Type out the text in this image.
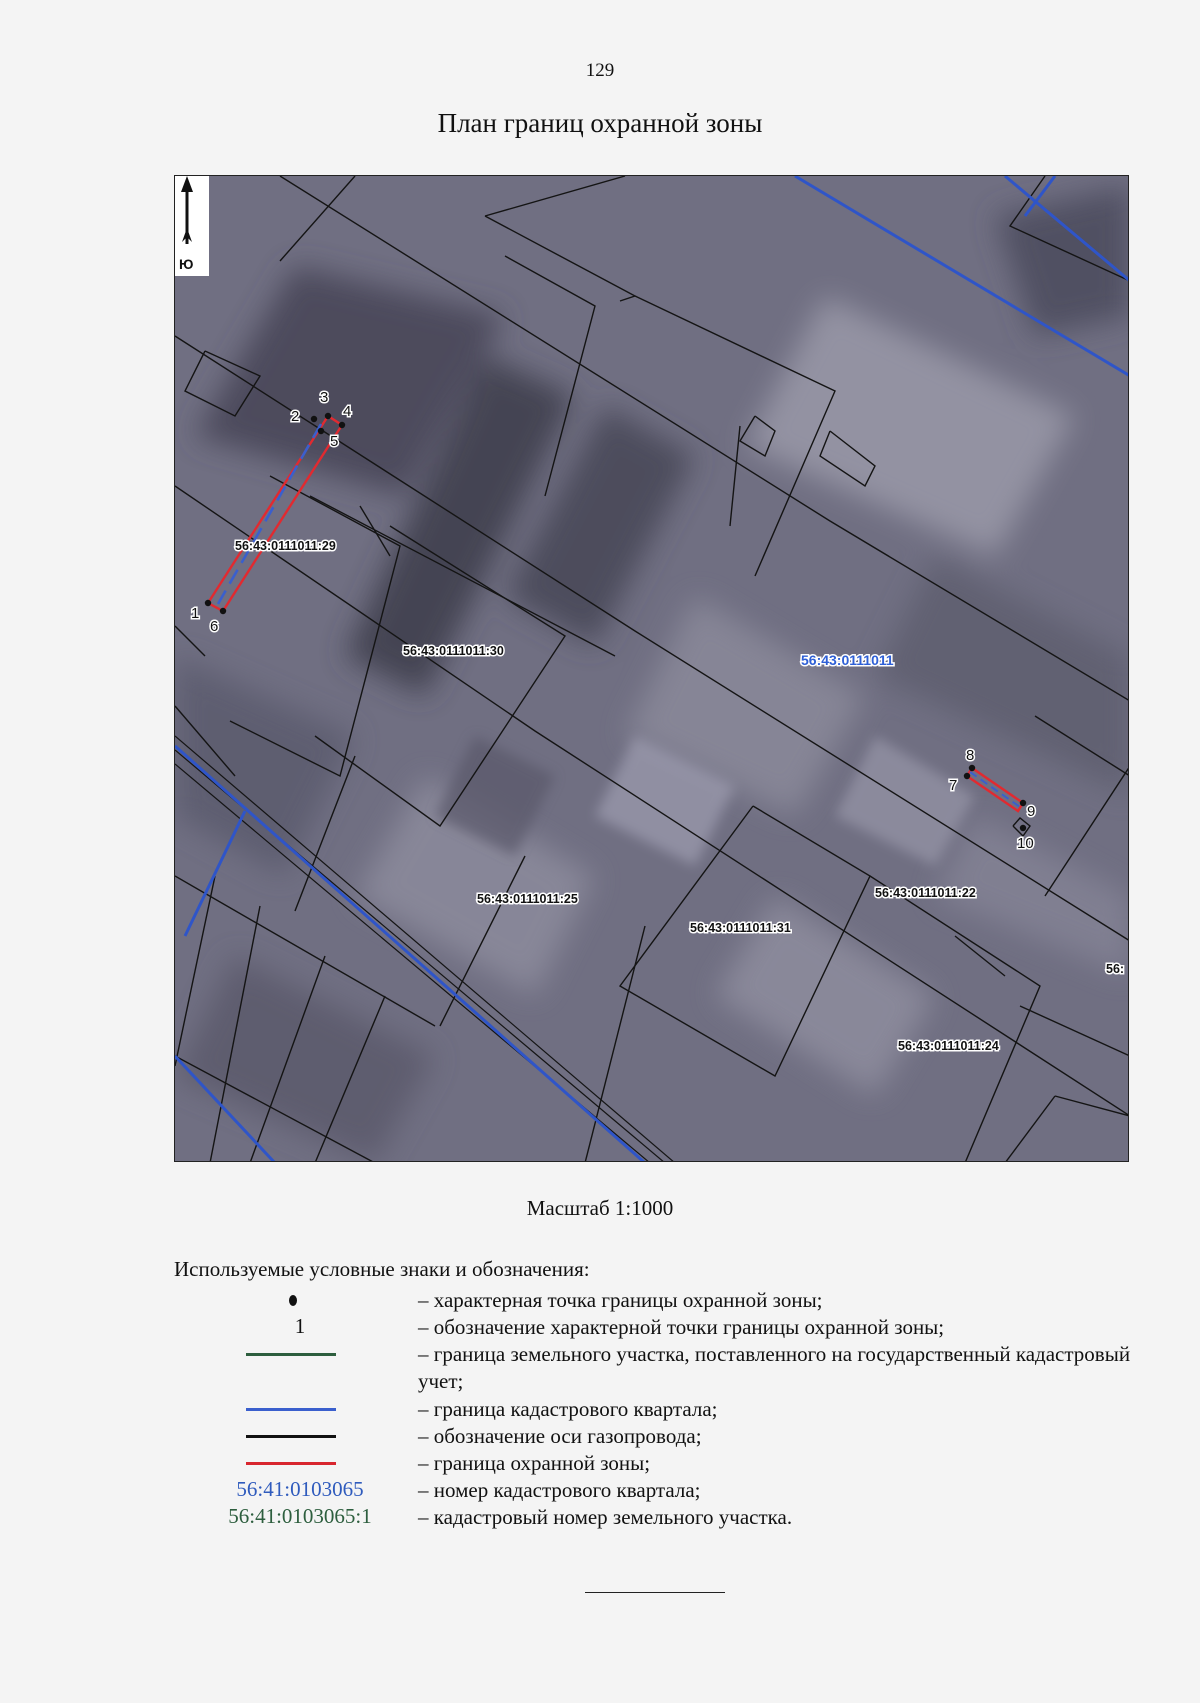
129
План границ охранной зоны
1
2
3
4
5
6
7
8
9
10
56:43:0111011:29
56:43:0111011:30
56:43:0111011:25
56:43:0111011:31
56:43:0111011:22
56:43:0111011:24
56:
56:43:0111011
Ю
Масштаб 1:1000
Используемые условные знаки и обозначения:
– характерная точка границы охранной зоны;
1	– обозначение характерной точки границы охранной зоны;
– граница земельного участка, поставленного на государственный кадастровый учет;
– граница кадастрового квартала;
– обозначение оси газопровода;
– граница охранной зоны;
56:41:0103065	– номер кадастрового квартала;
56:41:0103065:1	– кадастровый номер земельного участка.
